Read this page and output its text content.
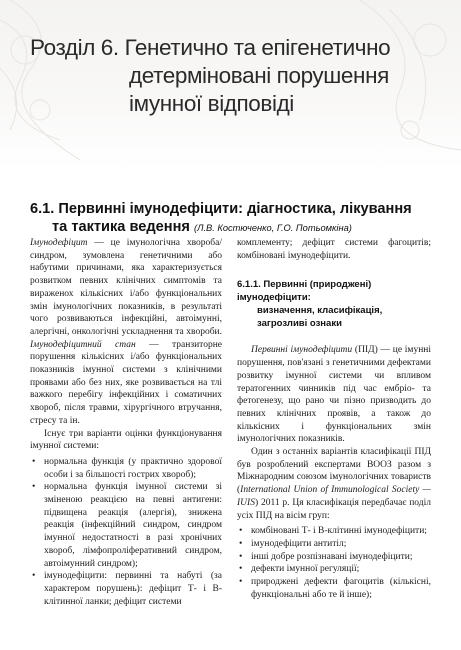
Розділ 6. Генетично та епігенетично
детерміновані порушення
імунної відповіді
6.1. Первинні імунодефіцити: діагностика, лікування
та тактика ведення (Л.В. Костюченко, Г.О. Потьомкіна)

Імунодефіцит — це імунологічна хвороба/синдром, зумовлена генетичними або набутими причинами, яка характеризується розвитком певних клінічних симптомів та вираженох кількісних і/або функціональних змін імунологічних показників, в результаті чого розвиваються інфекційні, автоімунні, алергічні, онкологічні ускладнення та хвороби. Імунодефіцитний стан — транзиторне порушення кількісних і/або функціональних показників імунної системи з клінічними проявами або без них, яке розвивається на тлі важкого перебігу інфекційних і соматичних хвороб, після травми, хірургічного втручання, стресу та ін.

Існує три варіанти оцінки функціонування імунної системи:

• нормальна функція (у практично здорової особи і за більшості гострих хвороб);
• нормальна функція імунної системи зі зміненою реакцією на певні антигени: підвищена реакція (алергія), знижена реакція (інфекційний синдром, синдром імунної недостатності в разі хронічних хвороб, лімфопроліферативний синдром, автоімунний синдром);
• імунодефіцити: первинні та набуті (за характером порушень): дефіцит Т- і В-клітинної ланки; дефіцит системи

комплементу; дефіцит системи фагоцитів; комбіновані імунодефіцити.

6.1.1. Первинні (природжені) імунодефіцити:
визначення, класифікація, загрозливі ознаки

Первинні імунодефіцити (ПІД) — це імунні порушення, пов'язані з генетичними дефектами розвитку імунної системи чи впливом тератогенних чинників під час ембріо- та фетогенезу, що рано чи пізно призводить до певних клінічних проявів, а також до кількісних і функціональних змін імунологічних показників.

Один з останніх варіантів класифікації ПІД був розроблений експертами ВООЗ разом з Міжнародним союзом імунологічних товариств (International Union of Immunological Society — IUIS) 2011 р. Ця класифікація передбачає поділ усіх ПІД на вісім груп:

• комбіновані Т- і В-клітинні імунодефіцити;
• імунодефіцити антитіл;
• інші добре розпізнавані імунодефіцити;
• дефекти імунної регуляції;
• природжені дефекти фагоцитів (кількісні, функціональні або те й інше);
